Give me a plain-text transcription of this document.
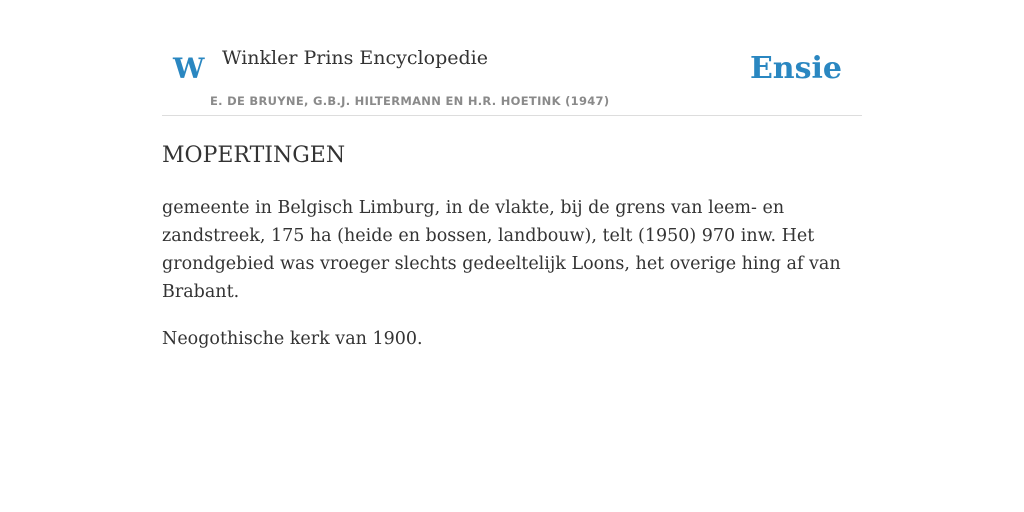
W Winkler Prins Encyclopedie
E. DE BRUYNE, G.B.J. HILTERMANN EN H.R. HOETINK (1947)
Ensie
MOPERTINGEN

gemeente in Belgisch Limburg, in de vlakte, bij de grens van leem- en zandstreek, 175 ha (heide en bossen, landbouw), telt (1950) 970 inw. Het grondgebied was vroeger slechts gedeeltelijk Loons, het overige hing af van Brabant.

Neogothische kerk van 1900.
